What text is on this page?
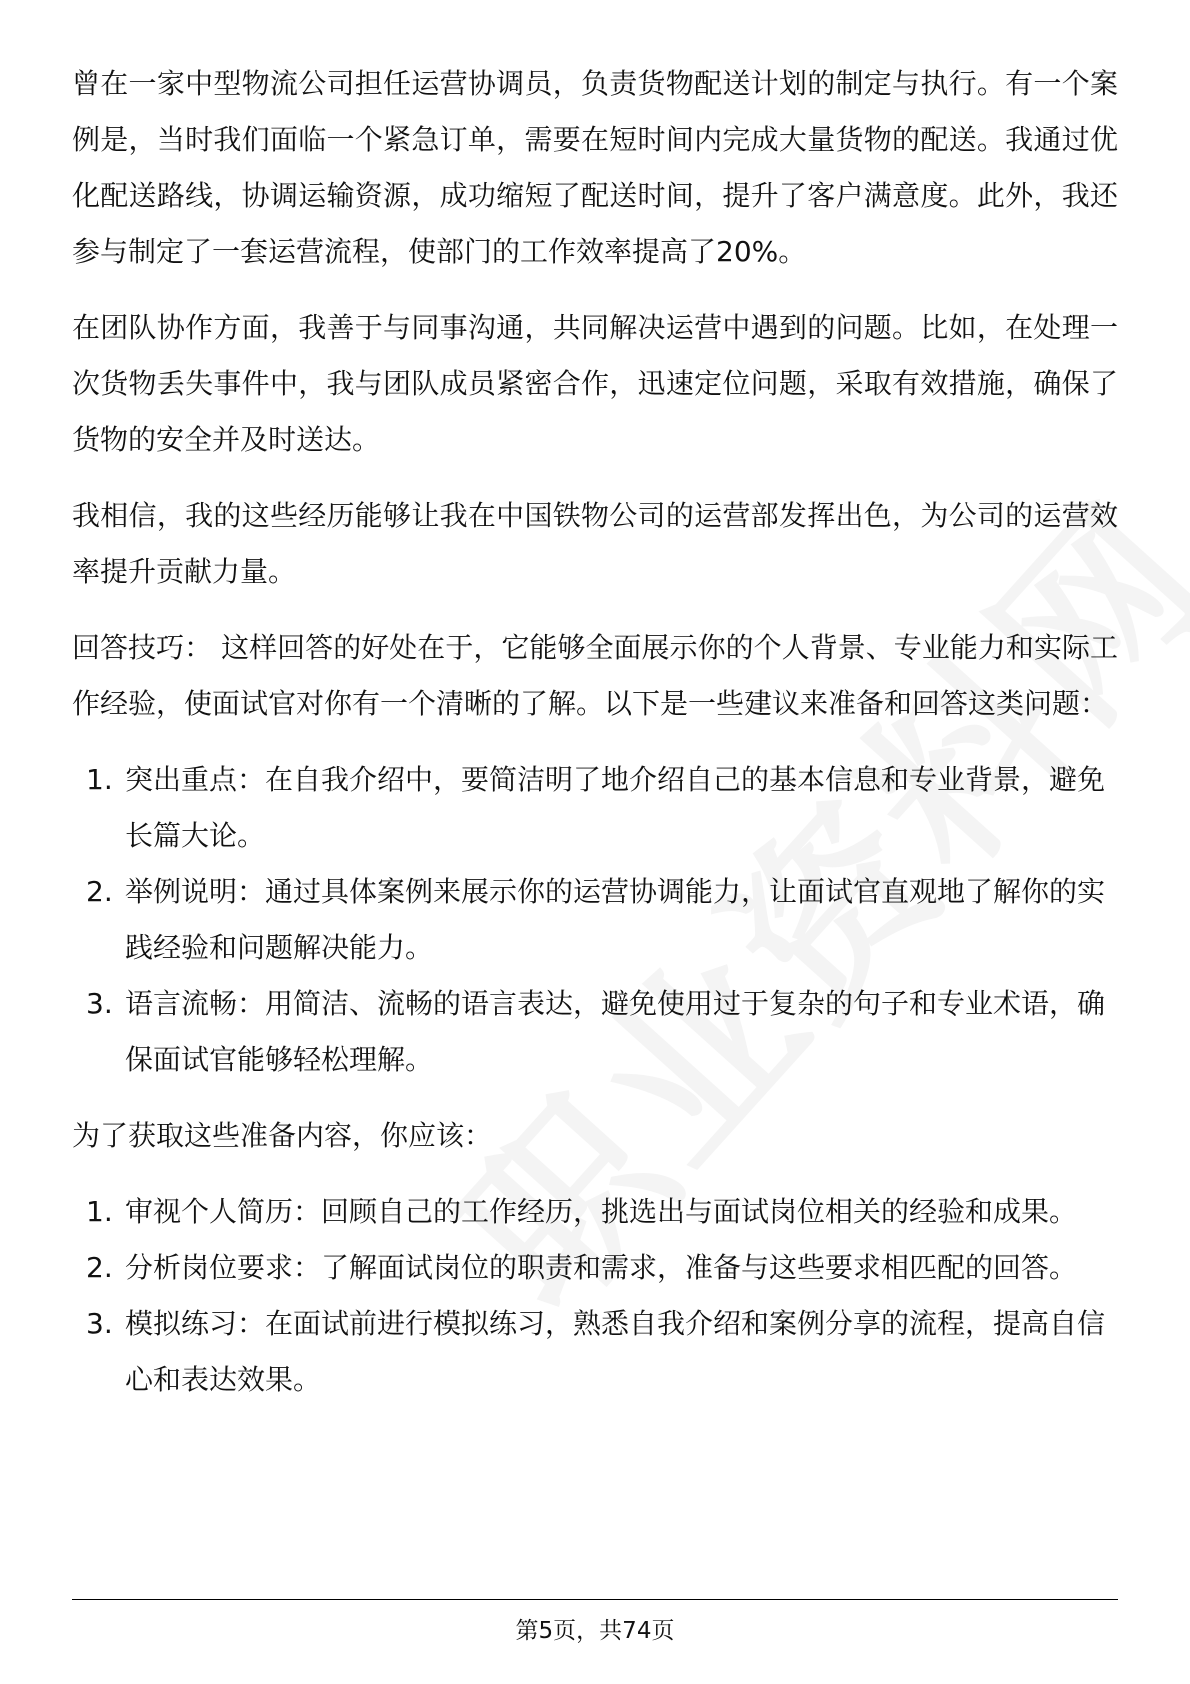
曾在一家中型物流公司担任运营协调员，负责货物配送计划的制定与执行。有一个案例是，当时我们面临一个紧急订单，需要在短时间内完成大量货物的配送。我通过优化配送路线，协调运输资源，成功缩短了配送时间，提升了客户满意度。此外，我还参与制定了一套运营流程，使部门的工作效率提高了20%。

在团队协作方面，我善于与同事沟通，共同解决运营中遇到的问题。比如，在处理一次货物丢失事件中，我与团队成员紧密合作，迅速定位问题，采取有效措施，确保了货物的安全并及时送达。

我相信，我的这些经历能够让我在中国铁物公司的运营部发挥出色，为公司的运营效率提升贡献力量。

回答技巧： 这样回答的好处在于，它能够全面展示你的个人背景、专业能力和实际工作经验，使面试官对你有一个清晰的了解。以下是一些建议来准备和回答这类问题：

1. 突出重点：在自我介绍中，要简洁明了地介绍自己的基本信息和专业背景，避免长篇大论。
2. 举例说明：通过具体案例来展示你的运营协调能力，让面试官直观地了解你的实践经验和问题解决能力。
3. 语言流畅：用简洁、流畅的语言表达，避免使用过于复杂的句子和专业术语，确保面试官能够轻松理解。

为了获取这些准备内容，你应该：

1. 审视个人简历：回顾自己的工作经历，挑选出与面试岗位相关的经验和成果。
2. 分析岗位要求：了解面试岗位的职责和需求，准备与这些要求相匹配的回答。
3. 模拟练习：在面试前进行模拟练习，熟悉自我介绍和案例分享的流程，提高自信心和表达效果。
第5页，共74页
